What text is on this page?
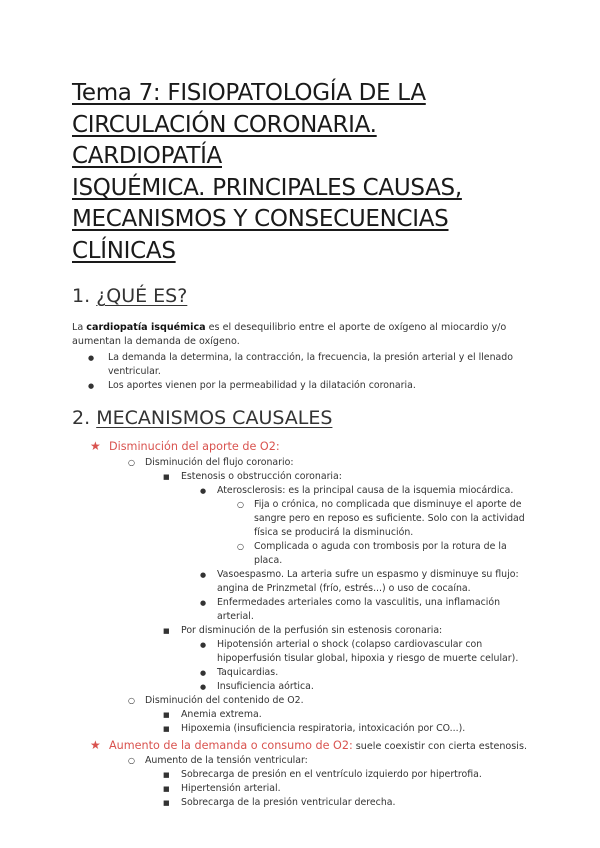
Tema 7: FISIOPATOLOGÍA DE LA
CIRCULACIÓN CORONARIA. CARDIOPATÍA
ISQUÉMICA. PRINCIPALES CAUSAS,
MECANISMOS Y CONSECUENCIAS
CLÍNICAS
1. ¿QUÉ ES?

La cardiopatía isquémica es el desequilibrio entre el aporte de oxígeno al miocardio y/o aumentan la demanda de oxígeno.

● La demanda la determina, la contracción, la frecuencia, la presión arterial y el llenado ventricular.
● Los aportes vienen por la permeabilidad y la dilatación coronaria.
2. MECANISMOS CAUSALES
★ Disminución del aporte de O2:
○ Disminución del flujo coronario:
■ Estenosis o obstrucción coronaria:
● Aterosclerosis: es la principal causa de la isquemia miocárdica.
○ Fija o crónica, no complicada que disminuye el aporte de sangre pero en reposo es suficiente. Solo con la actividad física se producirá la disminución.
○ Complicada o aguda con trombosis por la rotura de la placa.
● Vasoespasmo. La arteria sufre un espasmo y disminuye su flujo: angina de Prinzmetal (frío, estrés...) o uso de cocaína.
● Enfermedades arteriales como la vasculitis, una inflamación arterial.
■ Por disminución de la perfusión sin estenosis coronaria:
● Hipotensión arterial o shock (colapso cardiovascular con hipoperfusión tisular global, hipoxia y riesgo de muerte celular).
● Taquicardias.
● Insuficiencia aórtica.
○ Disminución del contenido de O2.
■ Anemia extrema.
■ Hipoxemia (insuficiencia respiratoria, intoxicación por CO...).
★ Aumento de la demanda o consumo de O2: suele coexistir con cierta estenosis.
○ Aumento de la tensión ventricular:
■ Sobrecarga de presión en el ventrículo izquierdo por hipertrofia.
■ Hipertensión arterial.
■ Sobrecarga de la presión ventricular derecha.
